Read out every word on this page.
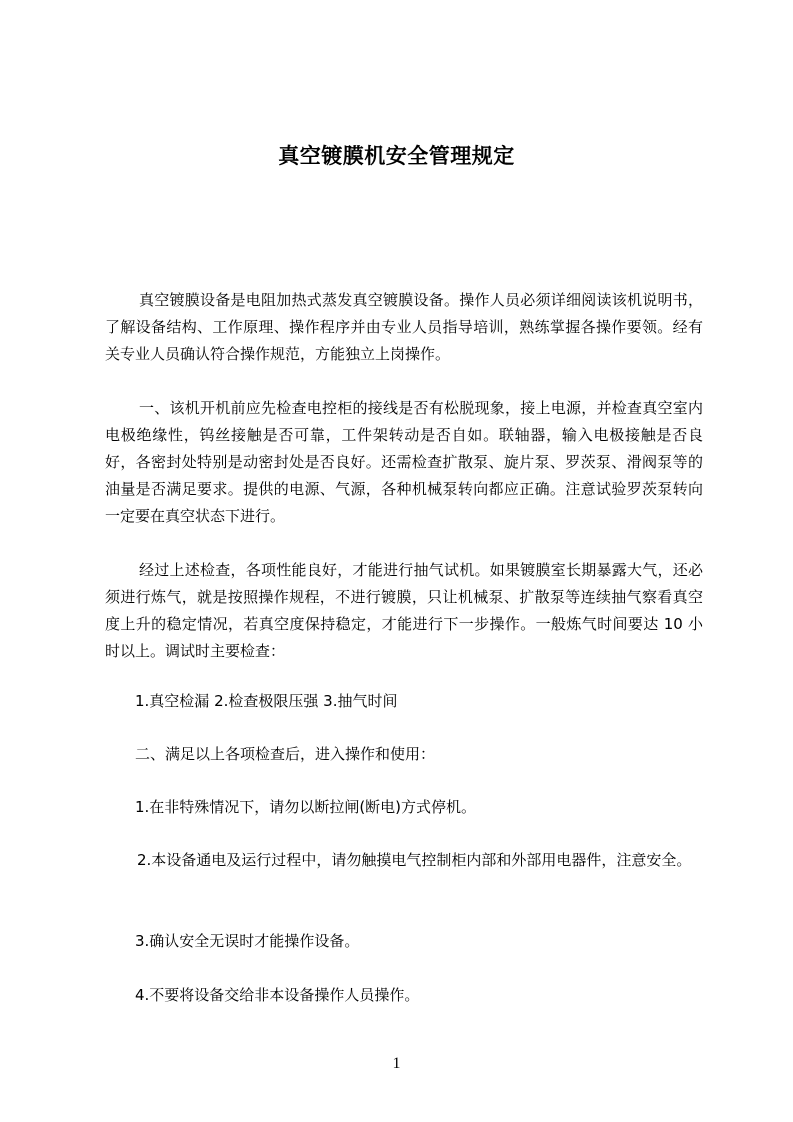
真空镀膜机安全管理规定

真空镀膜设备是电阻加热式蒸发真空镀膜设备。操作人员必须详细阅读该机说明书，了解设备结构、工作原理、操作程序并由专业人员指导培训，熟练掌握各操作要领。经有关专业人员确认符合操作规范，方能独立上岗操作。

一、该机开机前应先检查电控柜的接线是否有松脱现象，接上电源，并检查真空室内电极绝缘性，钨丝接触是否可靠，工件架转动是否自如。联轴器，输入电极接触是否良好，各密封处特别是动密封处是否良好。还需检查扩散泵、旋片泵、罗茨泵、滑阀泵等的油量是否满足要求。提供的电源、气源，各种机械泵转向都应正确。注意试验罗茨泵转向一定要在真空状态下进行。

经过上述检查，各项性能良好，才能进行抽气试机。如果镀膜室长期暴露大气，还必须进行炼气，就是按照操作规程，不进行镀膜，只让机械泵、扩散泵等连续抽气察看真空度上升的稳定情况，若真空度保持稳定，才能进行下一步操作。一般炼气时间要达 10 小时以上。调试时主要检查：

1.真空检漏 2.检查极限压强 3.抽气时间

二、满足以上各项检查后，进入操作和使用：

1.在非特殊情况下，请勿以断拉闸(断电)方式停机。

2.本设备通电及运行过程中，请勿触摸电气控制柜内部和外部用电器件，注意安全。

3.确认安全无误时才能操作设备。

4.不要将设备交给非本设备操作人员操作。

1
